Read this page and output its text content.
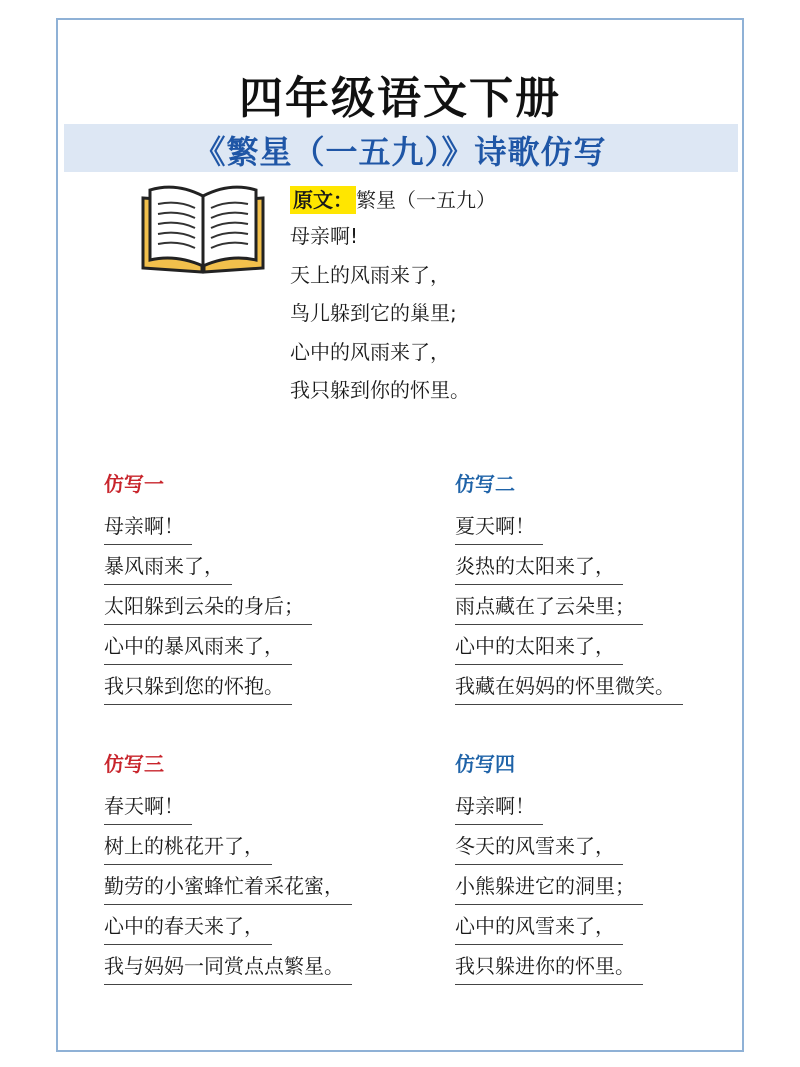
四年级语文下册
《繁星（一五九）》诗歌仿写
原文： 繁星（一五九）
母亲啊!
天上的风雨来了，
鸟儿躲到它的巢里;
心中的风雨来了，
我只躲到你的怀里。
仿写一
母亲啊！
暴风雨来了，
太阳躲到云朵的身后；
心中的暴风雨来了，
我只躲到您的怀抱。
仿写二
夏天啊！
炎热的太阳来了，
雨点藏在了云朵里；
心中的太阳来了，
我藏在妈妈的怀里微笑。
仿写三
春天啊！
树上的桃花开了，
勤劳的小蜜蜂忙着采花蜜，
心中的春天来了，
我与妈妈一同赏点点繁星。
仿写四
母亲啊！
冬天的风雪来了，
小熊躲进它的洞里；
心中的风雪来了，
我只躲进你的怀里。
